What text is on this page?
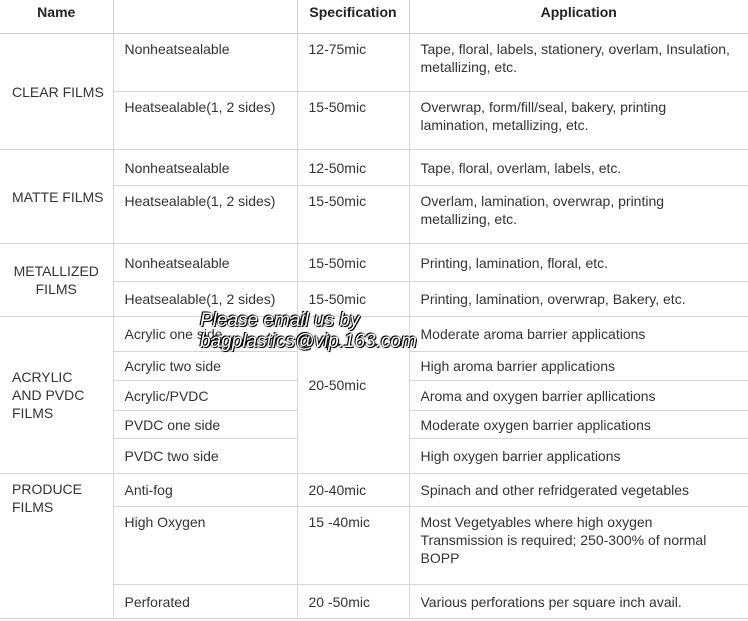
Name		Specification	Application
CLEAR FILMS	Nonheatsealable	12-75mic	Tape, floral, labels, stationery, overlam, Insulation, metallizing, etc.
	Heatsealable(1, 2 sides)	15-50mic	Overwrap, form/fill/seal, bakery, printing lamination, metallizing, etc.
MATTE FILMS	Nonheatsealable	12-50mic	Tape, floral, overlam, labels, etc.
	Heatsealable(1, 2 sides)	15-50mic	Overlam, lamination, overwrap, printing metallizing, etc.
METALLIZED FILMS	Nonheatsealable	15-50mic	Printing, lamination, floral, etc.
	Heatsealable(1, 2 sides)	15-50mic	Printing, lamination, overwrap, Bakery, etc.
ACRYLIC AND PVDC FILMS	Acrylic one side	20-50mic	Moderate aroma barrier applications
	Acrylic two side		High aroma barrier applications
	Acrylic/PVDC		Aroma and oxygen barrier apllications
	PVDC one side		Moderate oxygen barrier applications
	PVDC two side		High oxygen barrier applications
PRODUCE FILMS	Anti-fog	20-40mic	Spinach and other refridgerated vegetables
	High Oxygen	15 -40mic	Most Vegetyables where high oxygen Transmission is required; 250-300% of normal BOPP
	Perforated	20 -50mic	Various perforations per square inch avail.
Please email us by
bagplastics@vip.163.com
